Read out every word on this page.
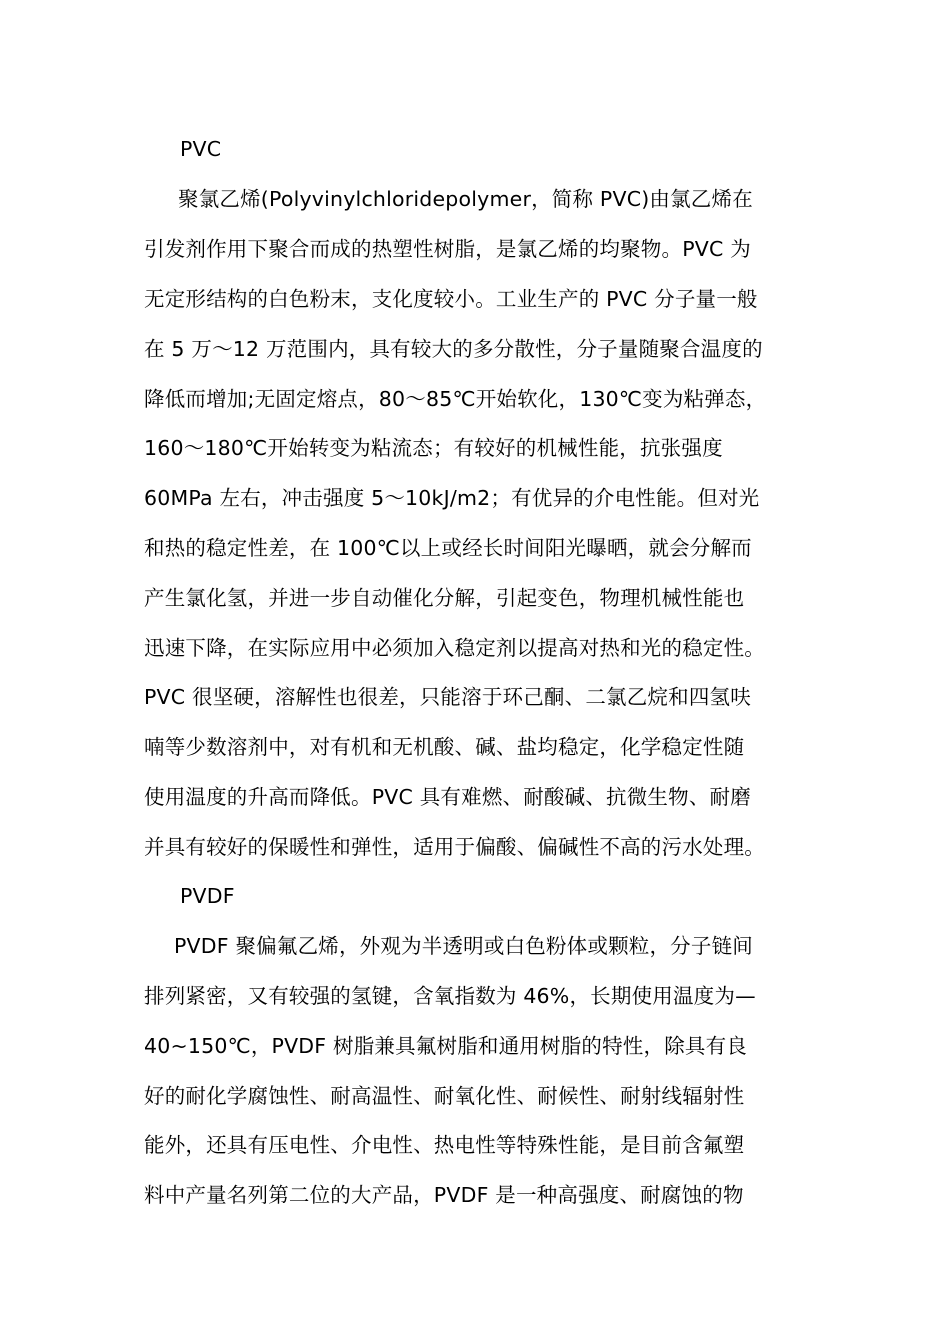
PVC
聚氯乙烯(Polyvinylchloridepolymer，简称 PVC)由氯乙烯在
引发剂作用下聚合而成的热塑性树脂，是氯乙烯的均聚物。PVC 为
无定形结构的白色粉末，支化度较小。工业生产的 PVC 分子量一般
在 5 万～12 万范围内，具有较大的多分散性，分子量随聚合温度的
降低而增加;无固定熔点，80～85℃开始软化，130℃变为粘弹态，
160～180℃开始转变为粘流态；有较好的机械性能，抗张强度
60MPa 左右，冲击强度 5～10kJ/m2；有优异的介电性能。但对光
和热的稳定性差，在 100℃以上或经长时间阳光曝晒，就会分解而
产生氯化氢，并进一步自动催化分解，引起变色，物理机械性能也
迅速下降，在实际应用中必须加入稳定剂以提高对热和光的稳定性。
PVC 很坚硬，溶解性也很差，只能溶于环己酮、二氯乙烷和四氢呋
喃等少数溶剂中，对有机和无机酸、碱、盐均稳定，化学稳定性随
使用温度的升高而降低。PVC 具有难燃、耐酸碱、抗微生物、耐磨
并具有较好的保暖性和弹性，适用于偏酸、偏碱性不高的污水处理。
PVDF
PVDF 聚偏氟乙烯，外观为半透明或白色粉体或颗粒，分子链间
排列紧密，又有较强的氢键，含氧指数为 46%，长期使用温度为—
40~150℃，PVDF 树脂兼具氟树脂和通用树脂的特性，除具有良
好的耐化学腐蚀性、耐高温性、耐氧化性、耐候性、耐射线辐射性
能外，还具有压电性、介电性、热电性等特殊性能，是目前含氟塑
料中产量名列第二位的大产品，PVDF 是一种高强度、耐腐蚀的物
